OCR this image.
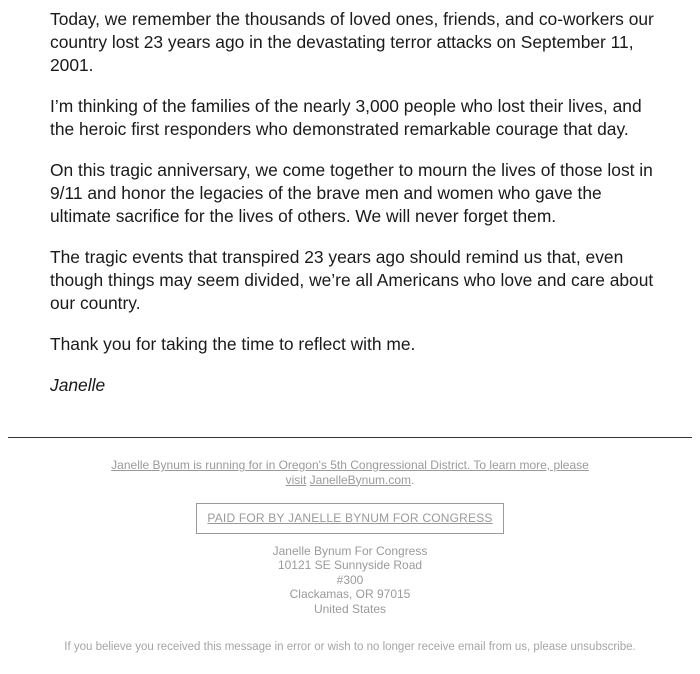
Today, we remember the thousands of loved ones, friends, and co-workers our country lost 23 years ago in the devastating terror attacks on September 11, 2001.

I’m thinking of the families of the nearly 3,000 people who lost their lives, and the heroic first responders who demonstrated remarkable courage that day.

On this tragic anniversary, we come together to mourn the lives of those lost in 9/11 and honor the legacies of the brave men and women who gave the ultimate sacrifice for the lives of others. We will never forget them.

The tragic events that transpired 23 years ago should remind us that, even though things may seem divided, we’re all Americans who love and care about our country.

Thank you for taking the time to reflect with me.

Janelle

Janelle Bynum is running for in Oregon's 5th Congressional District. To learn more, please visit JanelleBynum.com.
PAID FOR BY JANELLE BYNUM FOR CONGRESS
Janelle Bynum For Congress
10121 SE Sunnyside Road
#300
Clackamas, OR 97015
United States
If you believe you received this message in error or wish to no longer receive email from us, please unsubscribe.
